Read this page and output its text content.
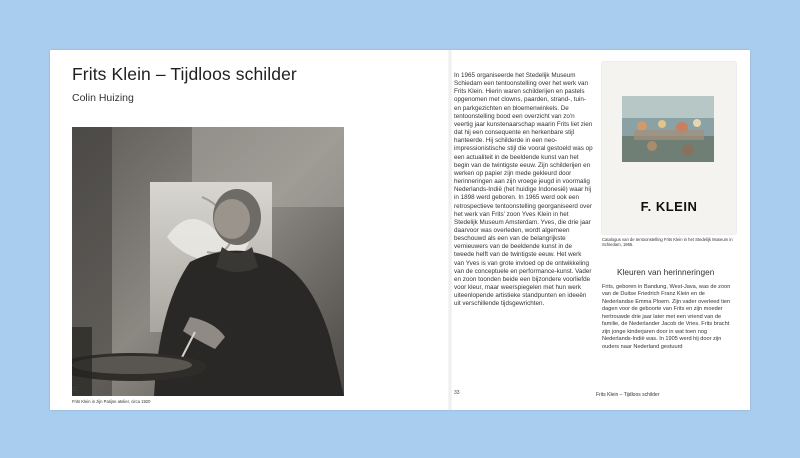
Frits Klein – Tijdloos schilder
Colin Huizing
Frits Klein in zijn Parijse atelier, circa 1920
32	33	Frits Klein – Tijdloos schilder

In 1965 organiseerde het Stedelijk Museum Schiedam een tentoonstelling over het werk van Frits Klein. Hierin waren schilderijen en pastels opgenomen met clowns, paarden, strand-, tuin- en parkgezichten en bloemenwinkels. De tentoonstelling bood een overzicht van zo'n veertig jaar kunstenaarschap waarin Frits liet zien dat hij een consequente en herkenbare stijl hanteerde. Hij schilderde in een neo-impressionistische stijl die vooral gestoeld was op een actualiteit in de beeldende kunst van het begin van de twintigste eeuw. Zijn schilderijen en werken op papier zijn mede gekleurd door herinneringen aan zijn vroege jeugd in voormalig Nederlands-Indië (het huidige Indonesië) waar hij in 1898 werd geboren. In 1965 werd ook een retrospectieve tentoonstelling georganiseerd over het werk van Frits' zoon Yves Klein in het Stedelijk Museum Amsterdam. Yves, die drie jaar daarvoor was overleden, wordt algemeen beschouwd als een van de belangrijkste vernieuwers van de beeldende kunst in de tweede helft van de twintigste eeuw. Het werk van Yves is van grote invloed op de ontwikkeling van de conceptuele en performance-kunst. Vader en zoon toonden beide een bijzondere voorliefde voor kleur, maar weerspiegelen met hun werk uiteenlopende artistieke standpunten en ideeën uit verschillende tijdsgewrichten.

F. KLEIN
Catalogus van de tentoonstelling Frits Klein in het Stedelijk Museum in Schiedam, 1965.
Kleuren van herinneringen

Frits, geboren in Bandung, West-Java, was de zoon van de Duitse Friedrich Franz Klein en de Nederlandse Emma Ploem. Zijn vader overleed tien dagen voor de geboorte van Frits en zijn moeder hertrouwde drie jaar later met een vriend van de familie, de Nederlander Jacob de Vries. Frits bracht zijn jonge kinderjaren door in wat toen nog Nederlands-Indië was. In 1905 werd hij door zijn ouders naar Nederland gestuurd
